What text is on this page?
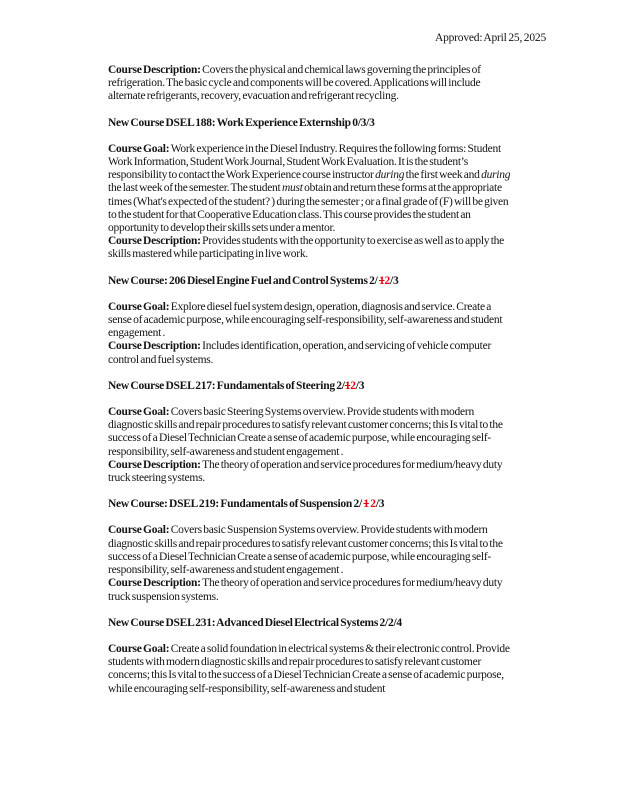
Approved: April 25, 2025

Course Description: Covers the physical and chemical laws governing the principles of refrigeration. The basic cycle and components will be covered. Applications will include alternate refrigerants, recovery, evacuation and refrigerant recycling.

New Course DSEL 188: Work Experience Externship 0/3/3

Course Goal: Work experience in the Diesel Industry. Requires the following forms: Student Work Information, Student Work Journal, Student Work Evaluation. It is the student’s responsibility to contact the Work Experience course instructor during the first week and during the last week of the semester. The student must obtain and return these forms at the appropriate times (What's expected of the student? ) during the semester ; or a final grade of (F) will be given to the student for that Cooperative Education class. This course provides the student an opportunity to develop their skills sets under a mentor.

Course Description: Provides students with the opportunity to exercise as well as to apply the skills mastered while participating in live work.

New Course: 206 Diesel Engine Fuel and Control Systems 2/ 12/3

Course Goal: Explore diesel fuel system design, operation, diagnosis and service. Create a sense of academic purpose, while encouraging self-responsibility, self-awareness and student engagement .

Course Description: Includes identification, operation, and servicing of vehicle computer control and fuel systems.

New Course DSEL 217: Fundamentals of Steering 2/12/3

Course Goal: Covers basic Steering Systems overview. Provide students with modern diagnostic skills and repair procedures to satisfy relevant customer concerns; this Is vital to the success of a Diesel Technician Create a sense of academic purpose, while encouraging self-responsibility, self-awareness and student engagement .

Course Description: The theory of operation and service procedures for medium/heavy duty truck steering systems.

New Course: DSEL 219: Fundamentals of Suspension 2/ 1 2/3

Course Goal: Covers basic Suspension Systems overview. Provide students with modern diagnostic skills and repair procedures to satisfy relevant customer concerns; this Is vital to the success of a Diesel Technician Create a sense of academic purpose, while encouraging self-responsibility, self-awareness and student engagement .

Course Description: The theory of operation and service procedures for medium/heavy duty truck suspension systems.

New Course DSEL 231: Advanced Diesel Electrical Systems 2/2/4

Course Goal: Create a solid foundation in electrical systems & their electronic control. Provide students with modern diagnostic skills and repair procedures to satisfy relevant customer concerns; this Is vital to the success of a Diesel Technician Create a sense of academic purpose, while encouraging self-responsibility, self-awareness and student
